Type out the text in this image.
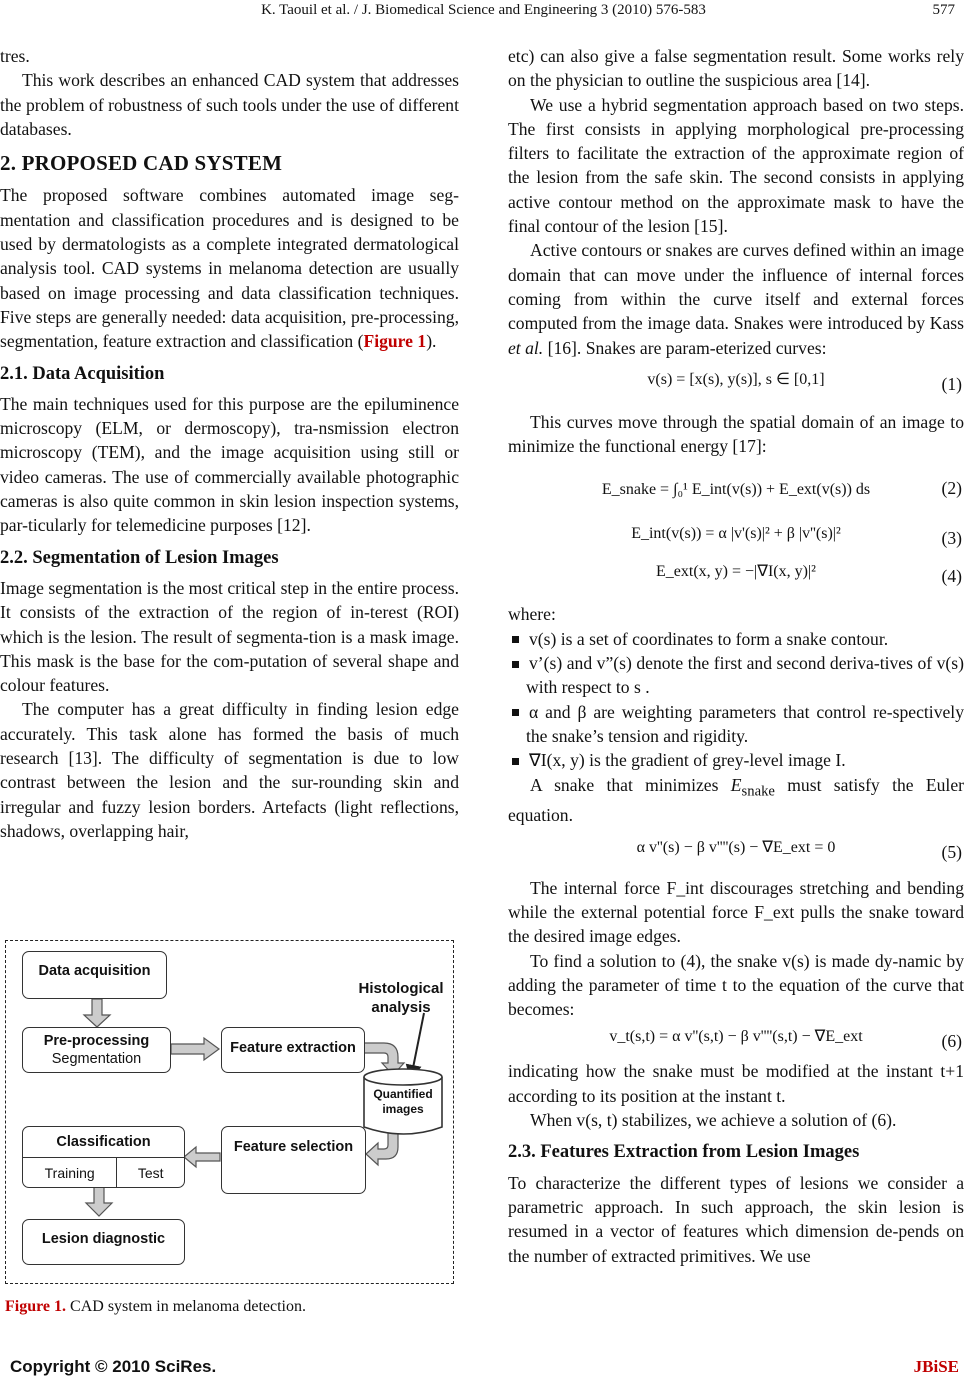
K. Taouil et al. / J. Biomedical Science and Engineering 3 (2010) 576-583	577

tres.

This work describes an enhanced CAD system that addresses the problem of robustness of such tools under the use of different databases.

2. PROPOSED CAD SYSTEM

The proposed software combines automated image seg-mentation and classification procedures and is designed to be used by dermatologists as a complete integrated dermatological analysis tool. CAD systems in melanoma detection are usually based on image processing and data classification techniques. Five steps are generally needed: data acquisition, pre-processing, segmentation, feature extraction and classification (Figure 1).

2.1. Data Acquisition

The main techniques used for this purpose are the epiluminence microscopy (ELM, or dermoscopy), tra-nsmission electron microscopy (TEM), and the image acquisition using still or video cameras. The use of commercially available photographic cameras is also quite common in skin lesion inspection systems, par-ticularly for telemedicine purposes [12].

2.2. Segmentation of Lesion Images

Image segmentation is the most critical step in the entire process. It consists of the extraction of the region of in-terest (ROI) which is the lesion. The result of segmenta-tion is a mask image. This mask is the base for the com-putation of several shape and colour features.

The computer has a great difficulty in finding lesion edge accurately. This task alone has formed the basis of much research [13]. The difficulty of segmentation is due to low contrast between the lesion and the sur-rounding skin and irregular and fuzzy lesion borders. Artefacts (light reflections, shadows, overlapping hair,

Data acquisition
Pre-processing
Segmentation
Feature extraction
Histological analysis
Quantified images
Classification
Training	Test
Feature selection
Lesion diagnostic
Figure 1. CAD system in melanoma detection.

etc) can also give a false segmentation result. Some works rely on the physician to outline the suspicious area [14].

We use a hybrid segmentation approach based on two steps. The first consists in applying morphological pre-processing filters to facilitate the extraction of the approximate region of the lesion from the safe skin. The second consists in applying active contour method on the approximate mask to have the final contour of the lesion [15].

Active contours or snakes are curves defined within an image domain that can move under the influence of internal forces coming from within the curve itself and external forces computed from the image data. Snakes were introduced by Kass et al. [16]. Snakes are param-eterized curves:

v(s) = [x(s), y(s)], s ∈ [0,1]	(1)

This curves move through the spatial domain of an image to minimize the functional energy [17]:

E_snake = ∫₀¹ E_int(v(s)) + E_ext(v(s)) ds	(2)
E_int(v(s)) = α |v'(s)|² + β |v''(s)|²	(3)
E_ext(x, y) = −|∇I(x, y)|²	(4)

where:

v(s) is a set of coordinates to form a snake contour.

v’(s) and v”(s) denote the first and second deriva-tives of v(s) with respect to s .

α and β are weighting parameters that control re-spectively the snake’s tension and rigidity.

∇I(x, y) is the gradient of grey-level image I.

A snake that minimizes $E_{snake}$ must satisfy the Euler equation.

α v''(s) − β v''''(s) − ∇E_ext = 0	(5)

The internal force F_int discourages stretching and bending while the external potential force F_ext pulls the snake toward the desired image edges.

To find a solution to (4), the snake v(s) is made dy-namic by adding the parameter of time t to the equation of the curve that becomes:

v_t(s,t) = α v''(s,t) − β v''''(s,t) − ∇E_ext	(6)

indicating how the snake must be modified at the instant t+1 according to its position at the instant t.

When v(s, t) stabilizes, we achieve a solution of (6).

2.3. Features Extraction from Lesion Images

To characterize the different types of lesions we consider a parametric approach. In such approach, the skin lesion is resumed in a vector of features which dimension de-pends on the number of extracted primitives. We use

Copyright © 2010 SciRes.	JBiSE
